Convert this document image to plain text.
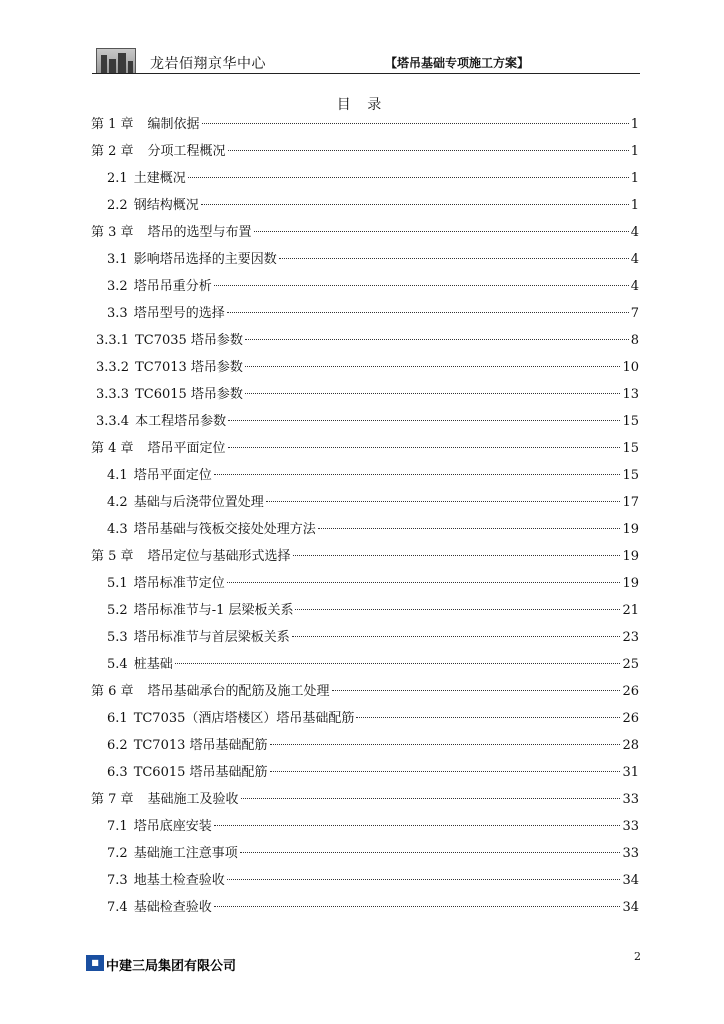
龙岩佰翔京华中心	【塔吊基础专项施工方案】
目 录
第 1 章 编制依据	1
第 2 章 分项工程概况	1
2.1 土建概况	1
2.2 钢结构概况	1
第 3 章 塔吊的选型与布置	4
3.1 影响塔吊选择的主要因数	4
3.2 塔吊吊重分析	4
3.3 塔吊型号的选择	7
3.3.1 TC7035 塔吊参数	8
3.3.2 TC7013 塔吊参数	10
3.3.3 TC6015 塔吊参数	13
3.3.4 本工程塔吊参数	15
第 4 章 塔吊平面定位	15
4.1 塔吊平面定位	15
4.2 基础与后浇带位置处理	17
4.3 塔吊基础与筏板交接处处理方法	19
第 5 章 塔吊定位与基础形式选择	19
5.1 塔吊标准节定位	19
5.2 塔吊标准节与-1 层梁板关系	21
5.3 塔吊标准节与首层梁板关系	23
5.4 桩基础	25
第 6 章 塔吊基础承台的配筋及施工处理	26
6.1 TC7035（酒店塔楼区）塔吊基础配筋	26
6.2 TC7013 塔吊基础配筋	28
6.3 TC6015 塔吊基础配筋	31
第 7 章 基础施工及验收	33
7.1 塔吊底座安装	33
7.2 基础施工注意事项	33
7.3 地基土检查验收	34
7.4 基础检查验收	34
2
■ 中建三局集团有限公司
